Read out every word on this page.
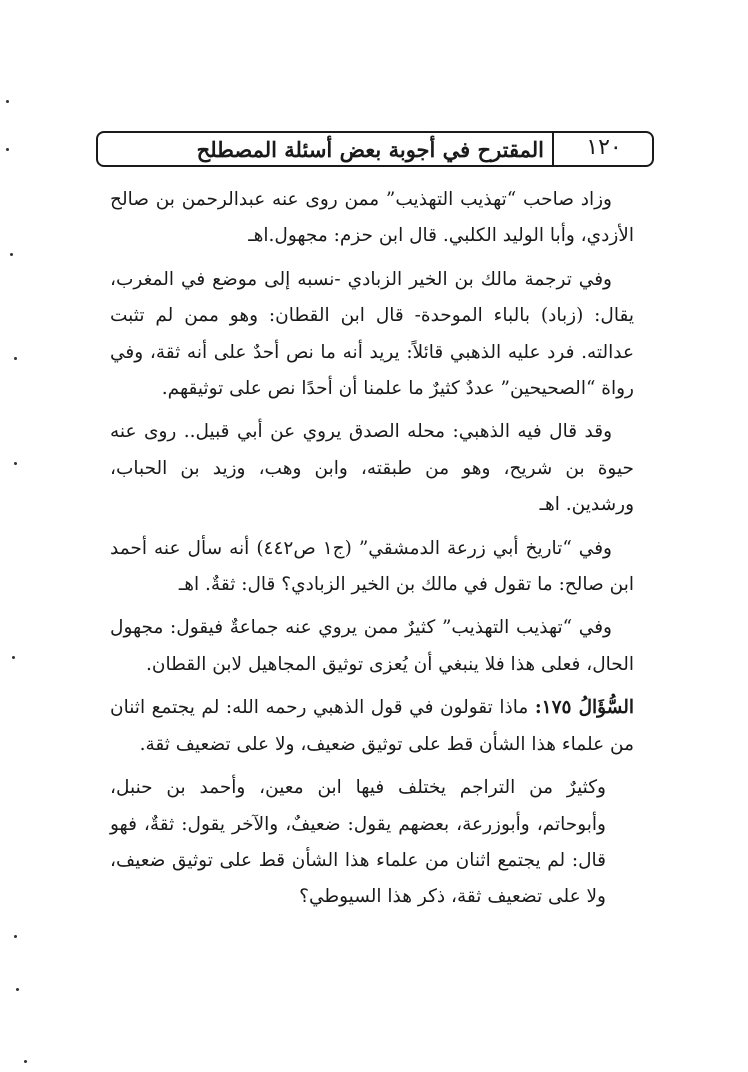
المقترح في أجوبة بعض أسئلة المصطلح	١٢٠

وزاد صاحب “تهذيب التهذيب” ممن روى عنه عبدالرحمن بن صالح الأزدي، وأبا الوليد الكلبي. قال ابن حزم: مجهول.اهـ

وفي ترجمة مالك بن الخير الزبادي -نسبه إلى موضع في المغرب، يقال: (زباد) بالباء الموحدة- قال ابن القطان: وهو ممن لم تثبت عدالته. فرد عليه الذهبي قائلاً: يريد أنه ما نص أحدٌ على أنه ثقة، وفي رواة “الصحيحين” عددٌ كثيرٌ ما علمنا أن أحدًا نص على توثيقهم.

وقد قال فيه الذهبي: محله الصدق يروي عن أبي قبيل.. روى عنه حيوة بن شريح، وهو من طبقته، وابن وهب، وزيد بن الحباب، ورشدين. اهـ

وفي “تاريخ أبي زرعة الدمشقي” (ج١ ص٤٤٢) أنه سأل عنه أحمد ابن صالح: ما تقول في مالك بن الخير الزبادي؟ قال: ثقةٌ. اهـ

وفي “تهذيب التهذيب” كثيرٌ ممن يروي عنه جماعةٌ فيقول: مجهول الحال، فعلى هذا فلا ينبغي أن يُعزى توثيق المجاهيل لابن القطان.

السُّؤَالُ ١٧٥: ماذا تقولون في قول الذهبي رحمه الله: لم يجتمع اثنان من علماء هذا الشأن قط على توثيق ضعيف، ولا على تضعيف ثقة.

وكثيرٌ من التراجم يختلف فيها ابن معين، وأحمد بن حنبل، وأبوحاتم، وأبوزرعة، بعضهم يقول: ضعيفٌ، والآخر يقول: ثقةٌ، فهو قال: لم يجتمع اثنان من علماء هذا الشأن قط على توثيق ضعيف، ولا على تضعيف ثقة، ذكر هذا السيوطي؟
